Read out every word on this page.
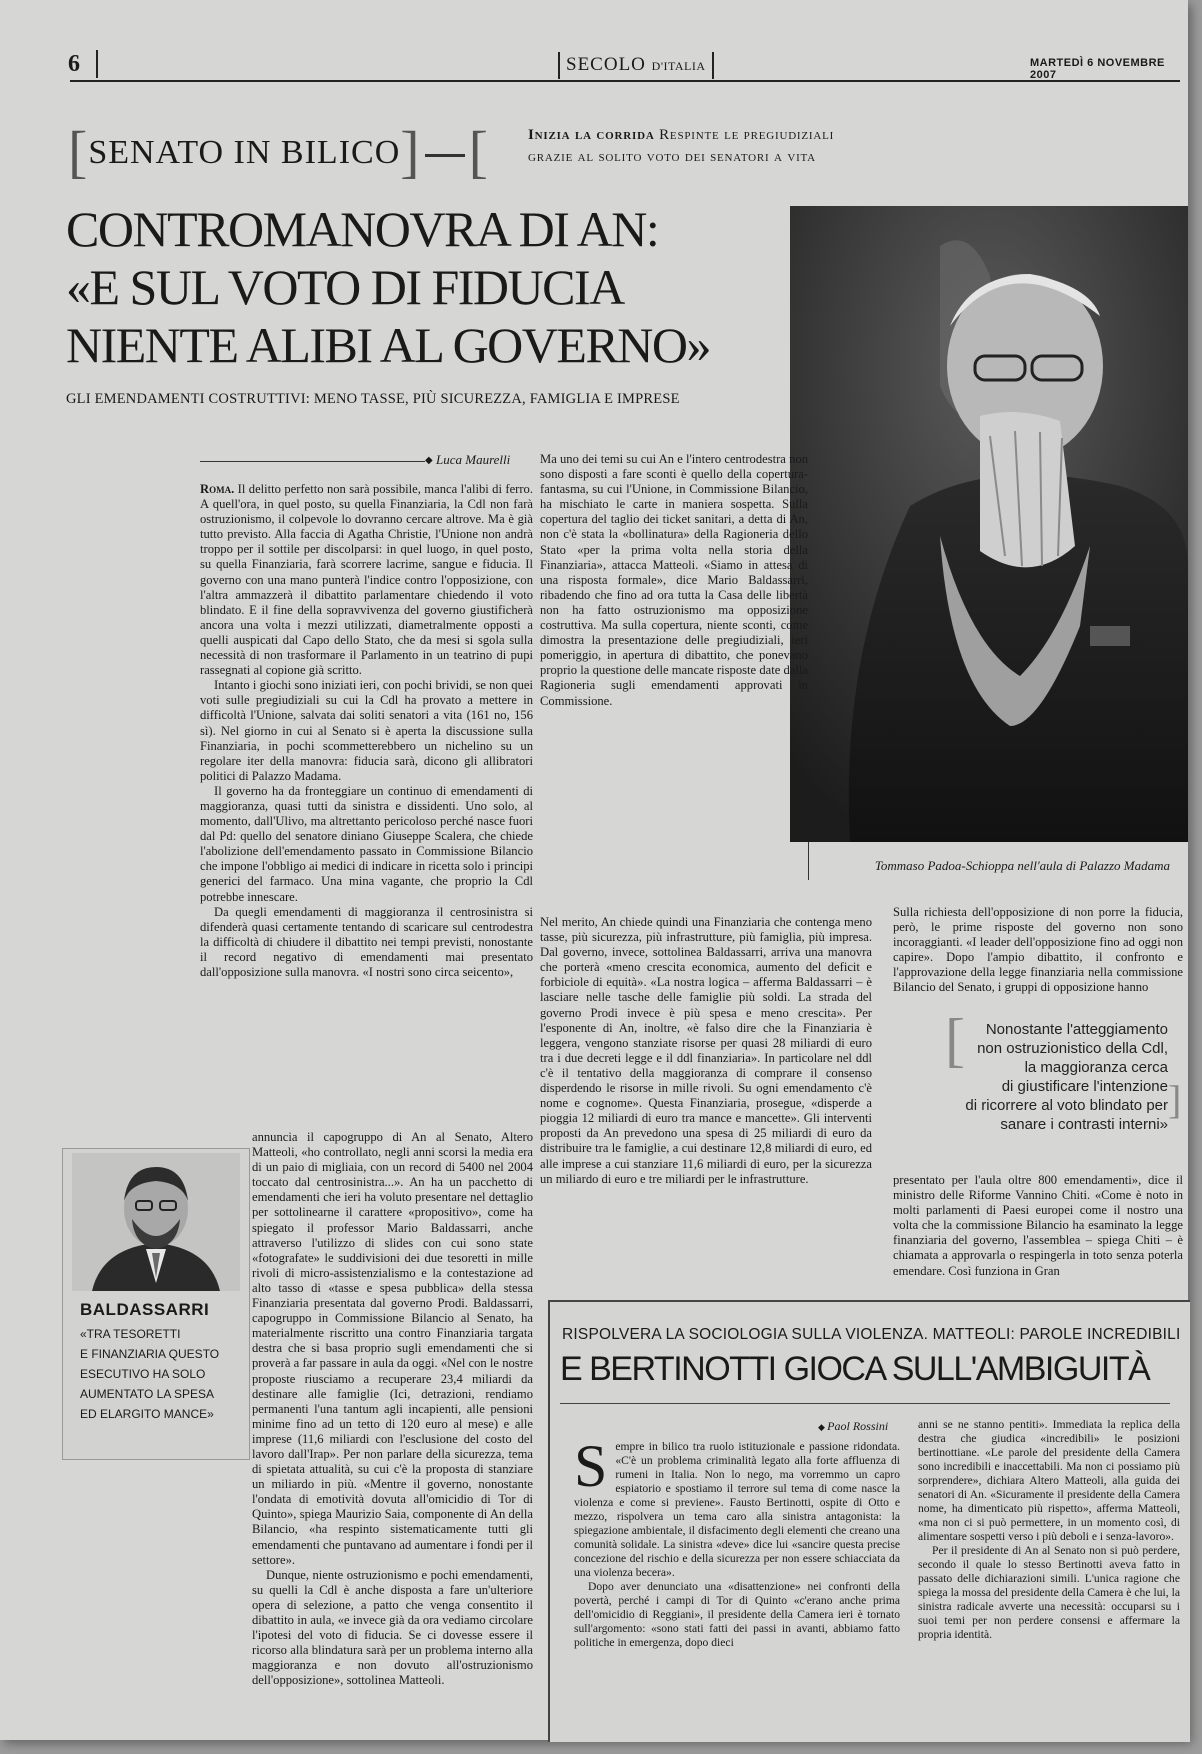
6	SECOLO D'ITALIA	MARTEDÌ 6 NOVEMBRE 2007
[SENATO IN BILICO] [	Inizia la corrida Respinte le pregiudiziali
grazie al solito voto dei senatori a vita
CONTROMANOVRA DI AN:
«E SUL VOTO DI FIDUCIA
NIENTE ALIBI AL GOVERNO»
GLI EMENDAMENTI COSTRUTTIVI: MENO TASSE, PIÙ SICUREZZA, FAMIGLIA E IMPRESE
Tommaso Padoa-Schioppa nell'aula di Palazzo Madama
◆ Luca Maurelli

Roma. Il delitto perfetto non sarà possibile, manca l'alibi di ferro. A quell'ora, in quel posto, su quella Finanziaria, la Cdl non farà ostruzionismo, il colpevole lo dovranno cercare altrove. Ma è già tutto previsto. Alla faccia di Agatha Christie, l'Unione non andrà troppo per il sottile per discolparsi: in quel luogo, in quel posto, su quella Finanziaria, farà scorrere lacrime, sangue e fiducia. Il governo con una mano punterà l'indice contro l'opposizione, con l'altra ammazzerà il dibattito parlamentare chiedendo il voto blindato. E il fine della sopravvivenza del governo giustificherà ancora una volta i mezzi utilizzati, diametralmente opposti a quelli auspicati dal Capo dello Stato, che da mesi si sgola sulla necessità di non trasformare il Parlamento in un teatrino di pupi rassegnati al copione già scritto.

Intanto i giochi sono iniziati ieri, con pochi brividi, se non quei voti sulle pregiudiziali su cui la Cdl ha provato a mettere in difficoltà l'Unione, salvata dai soliti senatori a vita (161 no, 156 sì). Nel giorno in cui al Senato si è aperta la discussione sulla Finanziaria, in pochi scommetterebbero un nichelino su un regolare iter della manovra: fiducia sarà, dicono gli allibratori politici di Palazzo Madama.

Il governo ha da fronteggiare un continuo di emendamenti di maggioranza, quasi tutti da sinistra e dissidenti. Uno solo, al momento, dall'Ulivo, ma altrettanto pericoloso perché nasce fuori dal Pd: quello del senatore diniano Giuseppe Scalera, che chiede l'abolizione dell'emendamento passato in Commissione Bilancio che impone l'obbligo ai medici di indicare in ricetta solo i principi generici del farmaco. Una mina vagante, che proprio la Cdl potrebbe innescare.

Da quegli emendamenti di maggioranza il centrosinistra si difenderà quasi certamente tentando di scaricare sul centrodestra la difficoltà di chiudere il dibattito nei tempi previsti, nonostante il record negativo di emendamenti mai presentato dall'opposizione sulla manovra. «I nostri sono circa seicento»,

annuncia il capogruppo di An al Senato, Altero Matteoli, «ho controllato, negli anni scorsi la media era di un paio di migliaia, con un record di 5400 nel 2004 toccato dal centrosinistra...». An ha un pacchetto di emendamenti che ieri ha voluto presentare nel dettaglio per sottolinearne il carattere «propositivo», come ha spiegato il professor Mario Baldassarri, anche attraverso l'utilizzo di slides con cui sono state «fotografate» le suddivisioni dei due tesoretti in mille rivoli di micro-assistenzialismo e la contestazione ad alto tasso di «tasse e spesa pubblica» della stessa Finanziaria presentata dal governo Prodi. Baldassarri, capogruppo in Commissione Bilancio al Senato, ha materialmente riscritto una contro Finanziaria targata destra che si basa proprio sugli emendamenti che si proverà a far passare in aula da oggi. «Nel con le nostre proposte riusciamo a recuperare 23,4 miliardi da destinare alle famiglie (Ici, detrazioni, rendiamo permanenti l'una tantum agli incapienti, alle pensioni minime fino ad un tetto di 120 euro al mese) e alle imprese (11,6 miliardi con l'esclusione del costo del lavoro dall'Irap». Per non parlare della sicurezza, tema di spietata attualità, su cui c'è la proposta di stanziare un miliardo in più. «Mentre il governo, nonostante l'ondata di emotività dovuta all'omicidio di Tor di Quinto», spiega Maurizio Saia, componente di An della Bilancio, «ha respinto sistematicamente tutti gli emendamenti che puntavano ad aumentare i fondi per il settore».

Dunque, niente ostruzionismo e pochi emendamenti, su quelli la Cdl è anche disposta a fare un'ulteriore opera di selezione, a patto che venga consentito il dibattito in aula, «e invece già da ora vediamo circolare l'ipotesi del voto di fiducia. Se ci dovesse essere il ricorso alla blindatura sarà per un problema interno alla maggioranza e non dovuto all'ostruzionismo dell'opposizione», sottolinea Matteoli.

Ma uno dei temi su cui An e l'intero centrodestra non sono disposti a fare sconti è quello della copertura-fantasma, su cui l'Unione, in Commissione Bilancio, ha mischiato le carte in maniera sospetta. Sulla copertura del taglio dei ticket sanitari, a detta di An, non c'è stata la «bollinatura» della Ragioneria dello Stato «per la prima volta nella storia della Finanziaria», attacca Matteoli. «Siamo in attesa di una risposta formale», dice Mario Baldassarri, ribadendo che fino ad ora tutta la Casa delle libertà non ha fatto ostruzionismo ma opposizione costruttiva. Ma sulla copertura, niente sconti, come dimostra la presentazione delle pregiudiziali, ieri pomeriggio, in apertura di dibattito, che ponevano proprio la questione delle mancate risposte date dalla Ragioneria sugli emendamenti approvati in Commissione.

Nel merito, An chiede quindi una Finanziaria che contenga meno tasse, più sicurezza, più infrastrutture, più famiglia, più impresa. Dal governo, invece, sottolinea Baldassarri, arriva una manovra che porterà «meno crescita economica, aumento del deficit e forbiciole di equità». «La nostra logica – afferma Baldassarri – è lasciare nelle tasche delle famiglie più soldi. La strada del governo Prodi invece è più spesa e meno crescita». Per l'esponente di An, inoltre, «è falso dire che la Finanziaria è leggera, vengono stanziate risorse per quasi 28 miliardi di euro tra i due decreti legge e il ddl finanziaria». In particolare nel ddl c'è il tentativo della maggioranza di comprare il consenso disperdendo le risorse in mille rivoli. Su ogni emendamento c'è nome e cognome». Questa Finanziaria, prosegue, «disperde a pioggia 12 miliardi di euro tra mance e mancette». Gli interventi proposti da An prevedono una spesa di 25 miliardi di euro da distribuire tra le famiglie, a cui destinare 12,8 miliardi di euro, ed alle imprese a cui stanziare 11,6 miliardi di euro, per la sicurezza un miliardo di euro e tre miliardi per le infrastrutture.

Sulla richiesta dell'opposizione di non porre la fiducia, però, le prime risposte del governo non sono incoraggianti. «I leader dell'opposizione fino ad oggi non capire». Dopo l'ampio dibattito, il confronto e l'approvazione della legge finanziaria nella commissione Bilancio del Senato, i gruppi di opposizione hanno

presentato per l'aula oltre 800 emendamenti», dice il ministro delle Riforme Vannino Chiti. «Come è noto in molti parlamenti di Paesi europei come il nostro una volta che la commissione Bilancio ha esaminato la legge finanziaria del governo, l'assemblea – spiega Chiti – è chiamata a approvarla o respingerla in toto senza poterla emendare. Così funziona in Gran

Nonostante l'atteggiamento
non ostruzionistico della Cdl,
la maggioranza cerca
di giustificare l'intenzione
di ricorrere al voto blindato per
sanare i contrasti interni»
[
]
BALDASSARRI
«TRA TESORETTI
E FINANZIARIA QUESTO
ESECUTIVO HA SOLO
AUMENTATO LA SPESA
ED ELARGITO MANCE»
RISPOLVERA LA SOCIOLOGIA SULLA VIOLENZA. MATTEOLI: PAROLE INCREDIBILI
E BERTINOTTI GIOCA SULL'AMBIGUITÀ
◆ Paol Rossini

Sempre in bilico tra ruolo istituzionale e passione ridondata. «C'è un problema criminalità legato alla forte affluenza di rumeni in Italia. Non lo nego, ma vorremmo un capro espiatorio e spostiamo il terrore sul tema di come nasce la violenza e come si previene». Fausto Bertinotti, ospite di Otto e mezzo, rispolvera un tema caro alla sinistra antagonista: la spiegazione ambientale, il disfacimento degli elementi che creano una comunità solidale. La sinistra «deve» dice lui «sancire questa precise concezione del rischio e della sicurezza per non essere schiacciata da una violenza becera».

Dopo aver denunciato una «disattenzione» nei confronti della povertà, perché i campi di Tor di Quinto «c'erano anche prima dell'omicidio di Reggiani», il presidente della Camera ieri è tornato sull'argomento: «sono stati fatti dei passi in avanti, abbiamo fatto politiche in emergenza, dopo dieci

anni se ne stanno pentiti». Immediata la replica della destra che giudica «incredibili» le posizioni bertinottiane. «Le parole del presidente della Camera sono incredibili e inaccettabili. Ma non ci possiamo più sorprendere», dichiara Altero Matteoli, alla guida dei senatori di An. «Sicuramente il presidente della Camera nome, ha dimenticato più rispetto», afferma Matteoli, «ma non ci si può permettere, in un momento così, di alimentare sospetti verso i più deboli e i senza-lavoro».

Per il presidente di An al Senato non si può perdere, secondo il quale lo stesso Bertinotti aveva fatto in passato delle dichiarazioni simili. L'unica ragione che spiega la mossa del presidente della Camera è che lui, la sinistra radicale avverte una necessità: occuparsi su i suoi temi per non perdere consensi e affermare la propria identità.
